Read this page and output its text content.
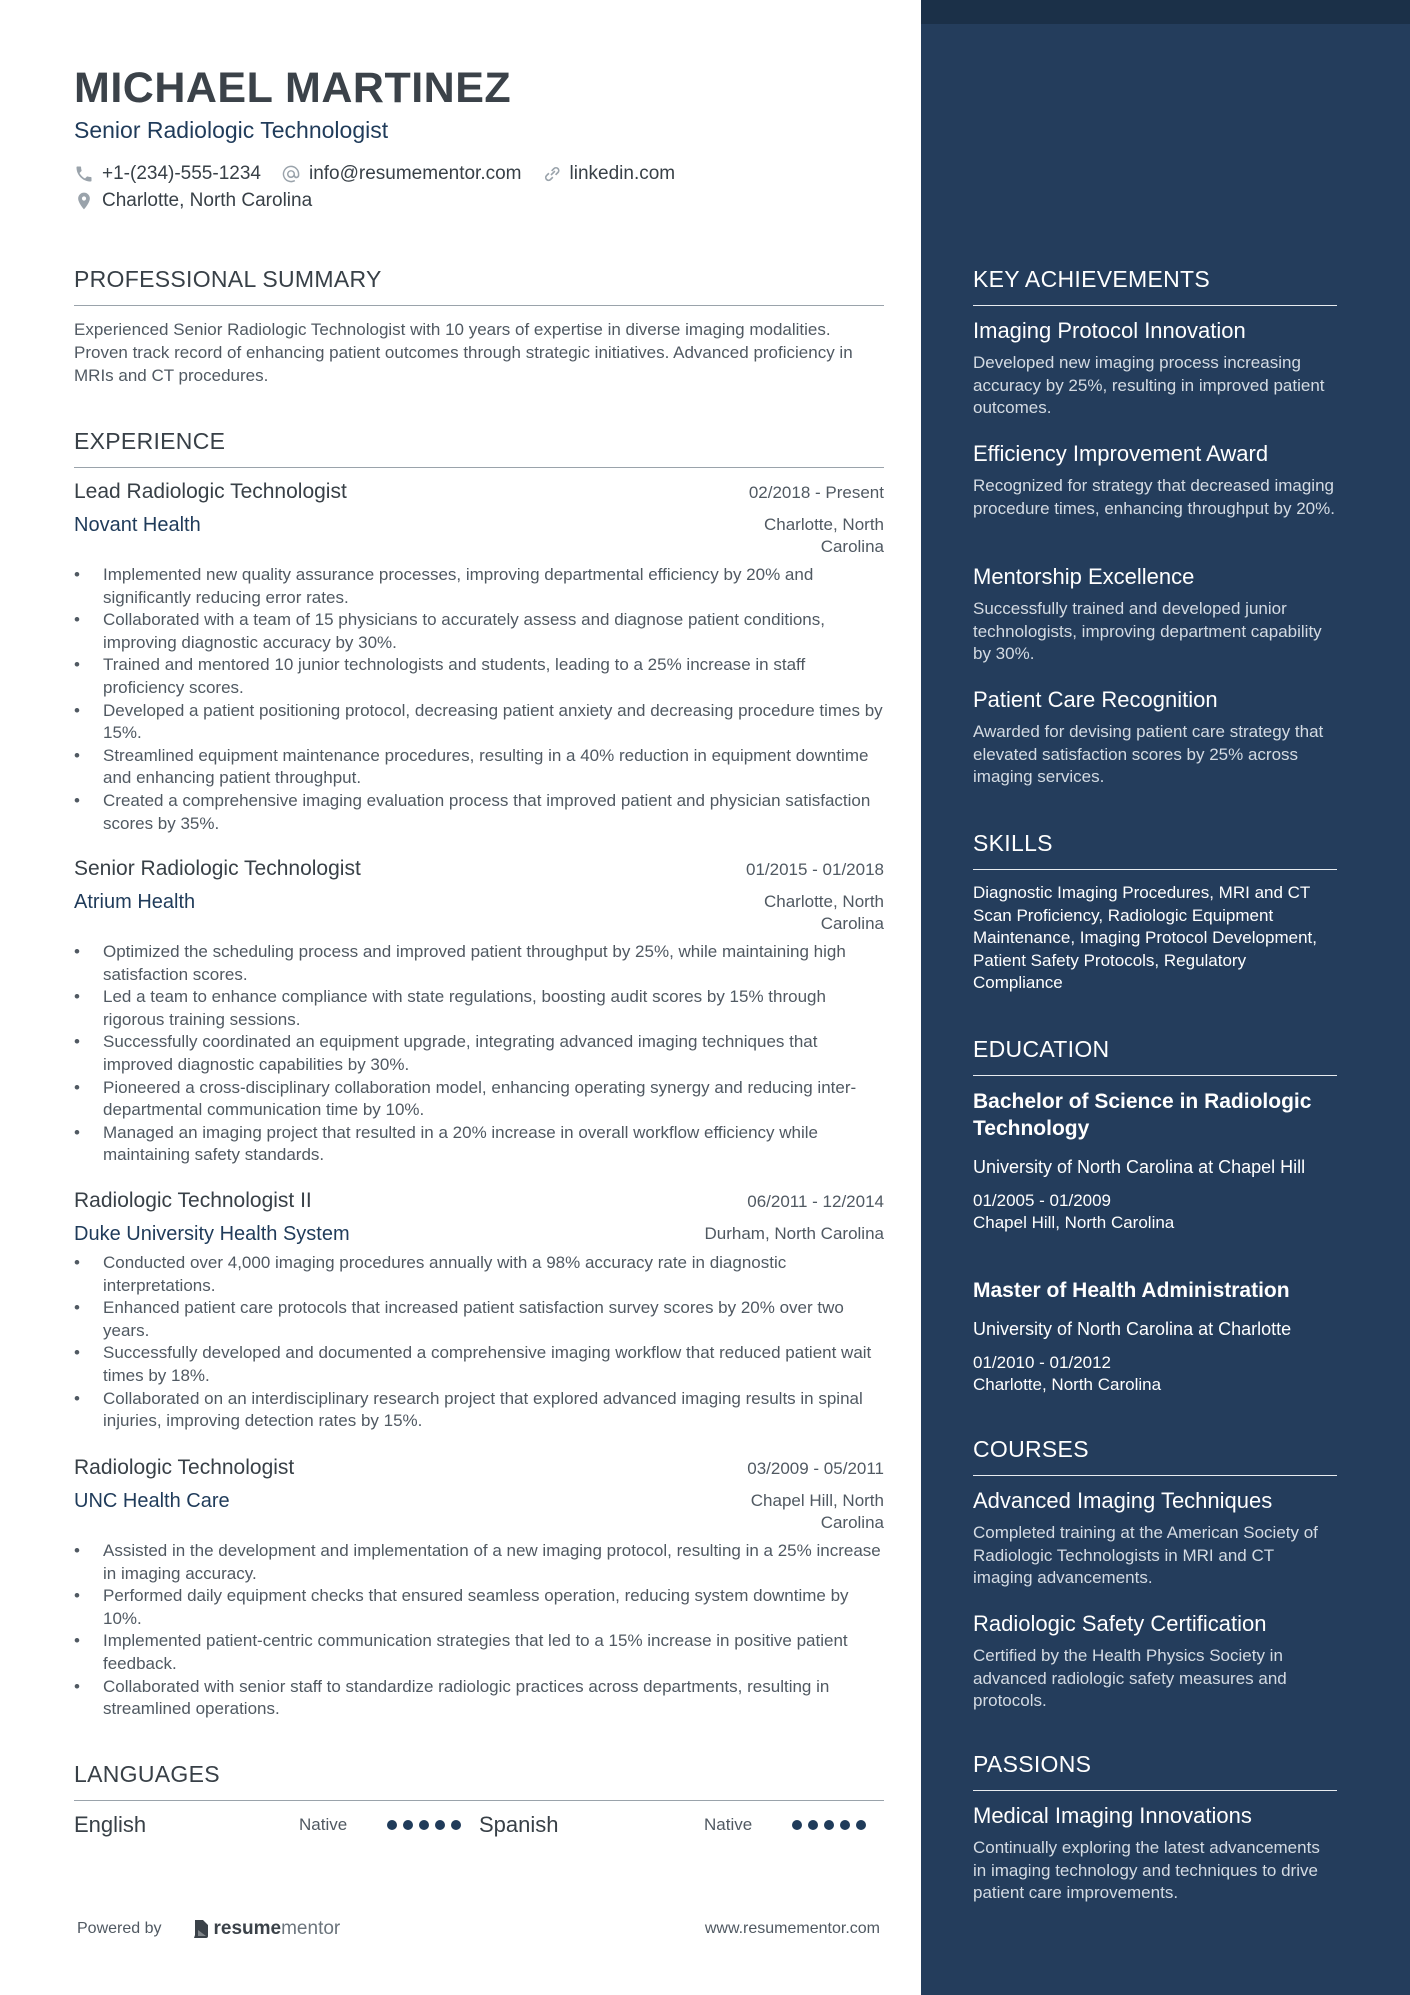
MICHAEL MARTINEZ
Senior Radiologic Technologist
+1-(234)-555-1234	info@resumementor.com	linkedin.com
Charlotte, North Carolina
PROFESSIONAL SUMMARY
Experienced Senior Radiologic Technologist with 10 years of expertise in diverse imaging modalities. Proven track record of enhancing patient outcomes through strategic initiatives. Advanced proficiency in MRIs and CT procedures.
EXPERIENCE
Lead Radiologic Technologist	02/2018 - Present
Novant Health	Charlotte, North Carolina
• Implemented new quality assurance processes, improving departmental efficiency by 20% and significantly reducing error rates.
• Collaborated with a team of 15 physicians to accurately assess and diagnose patient conditions, improving diagnostic accuracy by 30%.
• Trained and mentored 10 junior technologists and students, leading to a 25% increase in staff proficiency scores.
• Developed a patient positioning protocol, decreasing patient anxiety and decreasing procedure times by 15%.
• Streamlined equipment maintenance procedures, resulting in a 40% reduction in equipment downtime and enhancing patient throughput.
• Created a comprehensive imaging evaluation process that improved patient and physician satisfaction scores by 35%.
Senior Radiologic Technologist	01/2015 - 01/2018
Atrium Health	Charlotte, North Carolina
• Optimized the scheduling process and improved patient throughput by 25%, while maintaining high satisfaction scores.
• Led a team to enhance compliance with state regulations, boosting audit scores by 15% through rigorous training sessions.
• Successfully coordinated an equipment upgrade, integrating advanced imaging techniques that improved diagnostic capabilities by 30%.
• Pioneered a cross-disciplinary collaboration model, enhancing operating synergy and reducing inter-departmental communication time by 10%.
• Managed an imaging project that resulted in a 20% increase in overall workflow efficiency while maintaining safety standards.
Radiologic Technologist II	06/2011 - 12/2014
Duke University Health System	Durham, North Carolina
• Conducted over 4,000 imaging procedures annually with a 98% accuracy rate in diagnostic interpretations.
• Enhanced patient care protocols that increased patient satisfaction survey scores by 20% over two years.
• Successfully developed and documented a comprehensive imaging workflow that reduced patient wait times by 18%.
• Collaborated on an interdisciplinary research project that explored advanced imaging results in spinal injuries, improving detection rates by 15%.
Radiologic Technologist	03/2009 - 05/2011
UNC Health Care	Chapel Hill, North Carolina
• Assisted in the development and implementation of a new imaging protocol, resulting in a 25% increase in imaging accuracy.
• Performed daily equipment checks that ensured seamless operation, reducing system downtime by 10%.
• Implemented patient-centric communication strategies that led to a 15% increase in positive patient feedback.
• Collaborated with senior staff to standardize radiologic practices across departments, resulting in streamlined operations.
LANGUAGES
English	Native	Spanish	Native
Powered by	resume mentor	www.resumementor.com
KEY ACHIEVEMENTS
Imaging Protocol Innovation
Developed new imaging process increasing accuracy by 25%, resulting in improved patient outcomes.
Efficiency Improvement Award
Recognized for strategy that decreased imaging procedure times, enhancing throughput by 20%.
Mentorship Excellence
Successfully trained and developed junior technologists, improving department capability by 30%.
Patient Care Recognition
Awarded for devising patient care strategy that elevated satisfaction scores by 25% across imaging services.
SKILLS
Diagnostic Imaging Procedures, MRI and CT Scan Proficiency, Radiologic Equipment Maintenance, Imaging Protocol Development, Patient Safety Protocols, Regulatory Compliance
EDUCATION
Bachelor of Science in Radiologic Technology
University of North Carolina at Chapel Hill
01/2005 - 01/2009
Chapel Hill, North Carolina
Master of Health Administration
University of North Carolina at Charlotte
01/2010 - 01/2012
Charlotte, North Carolina
COURSES
Advanced Imaging Techniques
Completed training at the American Society of Radiologic Technologists in MRI and CT imaging advancements.
Radiologic Safety Certification
Certified by the Health Physics Society in advanced radiologic safety measures and protocols.
PASSIONS
Medical Imaging Innovations
Continually exploring the latest advancements in imaging technology and techniques to drive patient care improvements.
